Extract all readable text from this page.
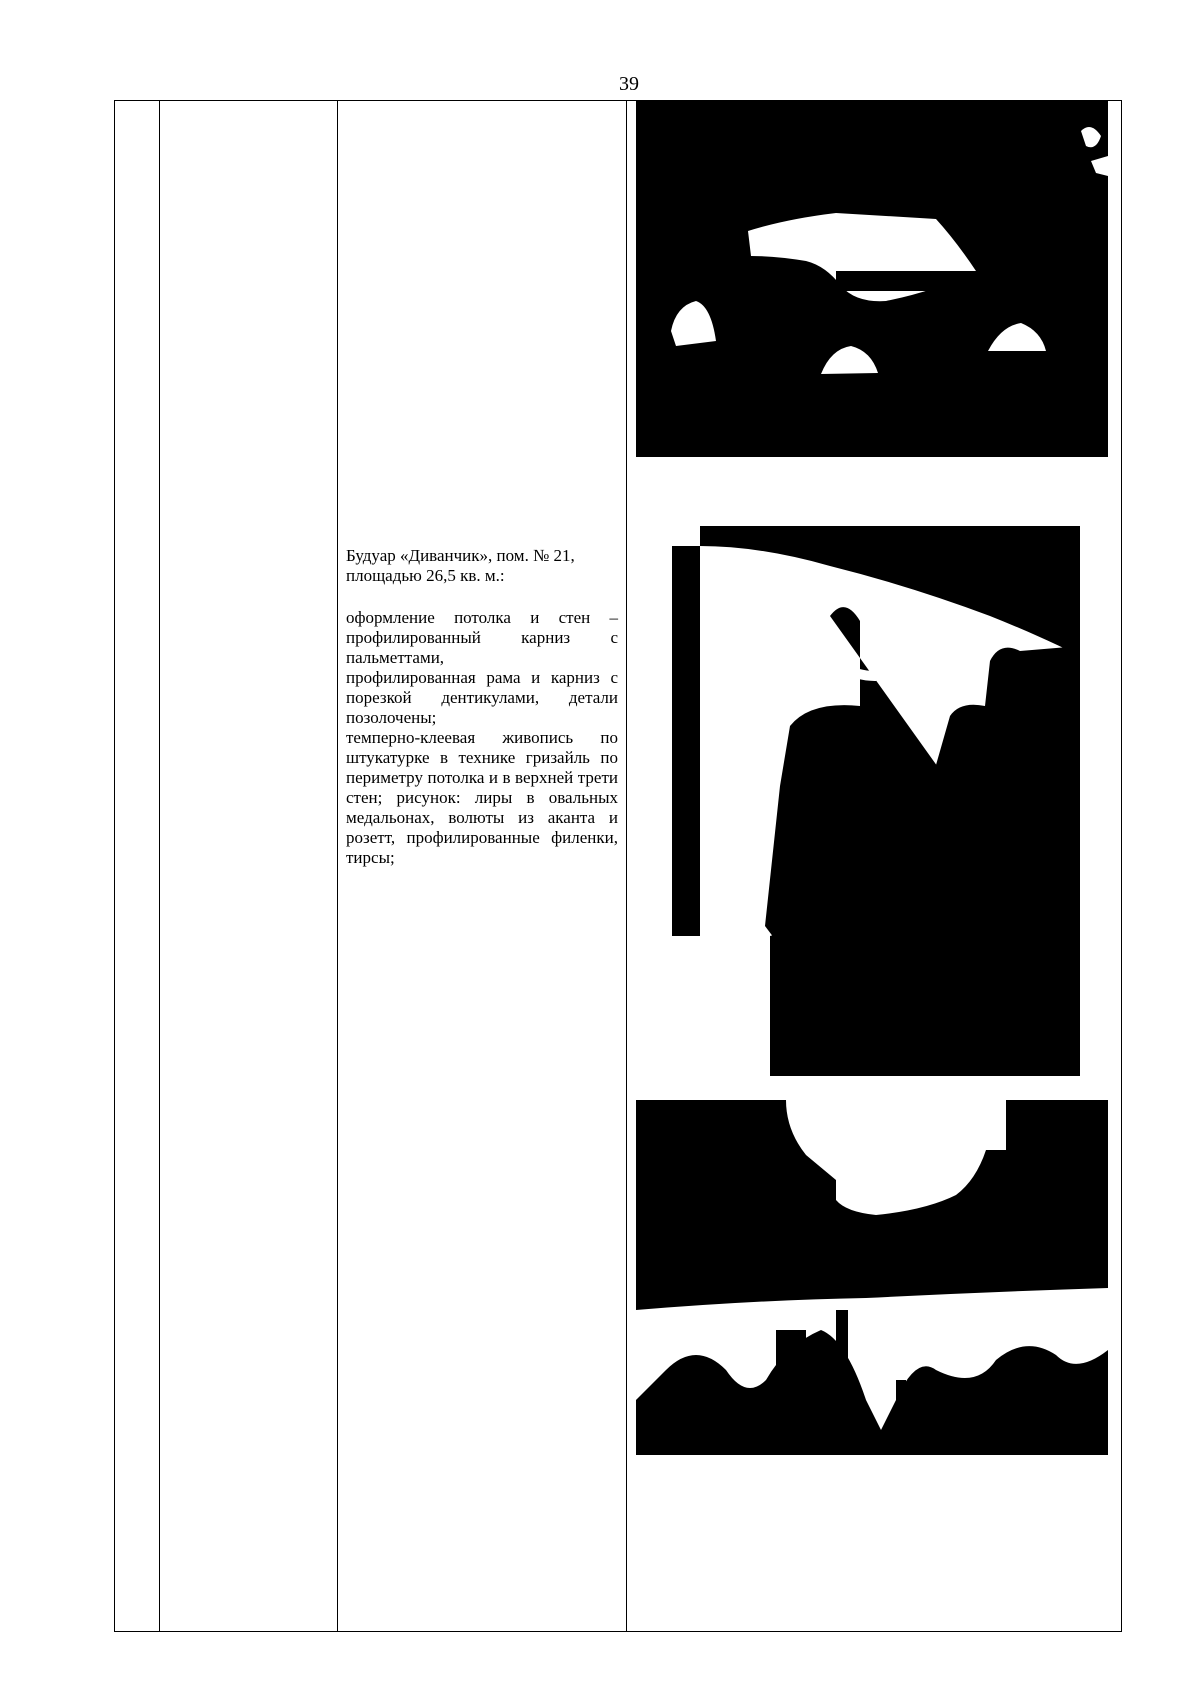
39

Будуар «Диванчик», пом. № 21, площадью 26,5 кв. м.:

оформление потолка и стен – профилированный карниз с пальметтами,

профилированная рама и карниз с порезкой дентикулами, детали позолочены;

темперно-клеевая живопись по штукатурке в технике гризайль по периметру потолка и в верхней трети стен; рисунок: лиры в овальных медальонах, волюты из аканта и розетт, профилированные филенки, тирсы;
